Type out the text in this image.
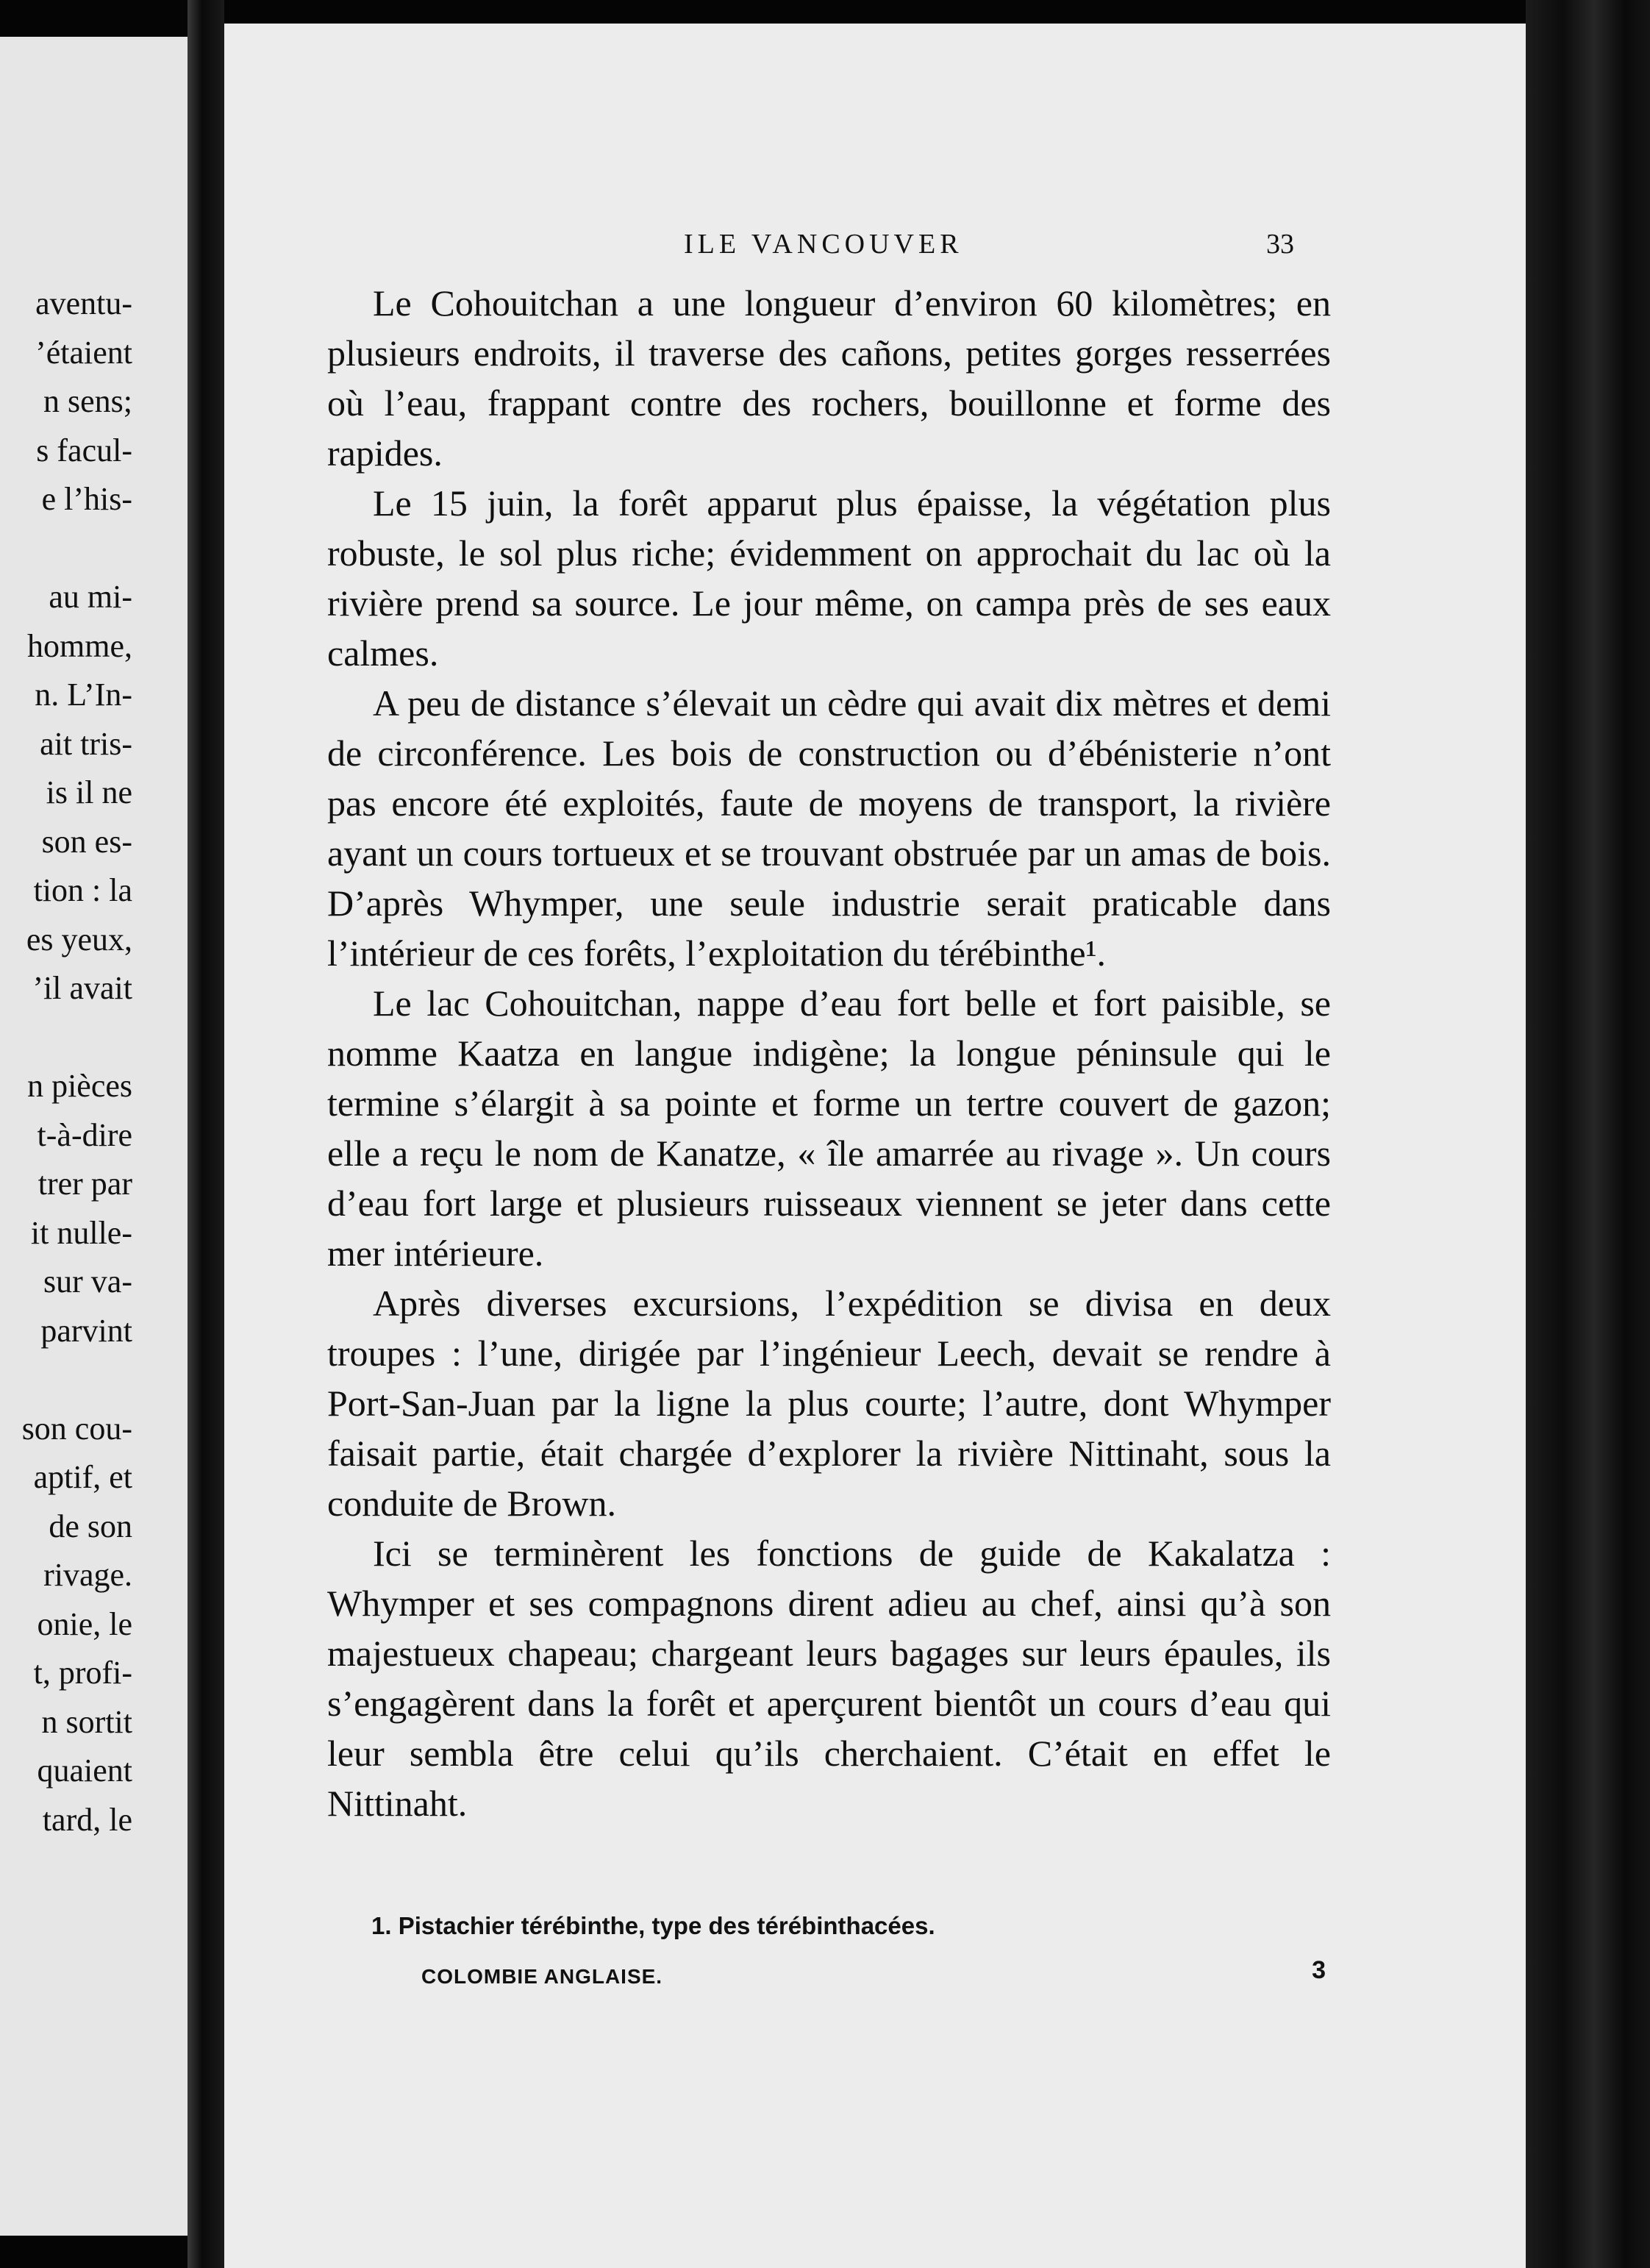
aventu-
’étaient
n sens;
s facul-
e l’his-
au mi-
homme,
n. L’In-
ait tris-
is il ne
son es-
tion : la
es yeux,
’il avait
n pièces
t-à-dire
trer par
it nulle-
sur va-
parvint
son cou-
aptif, et
de son
rivage.
onie, le
t, profi-
n sortit
quaient
tard, le
ILE VANCOUVER	33

Le Cohouitchan a une longueur d’environ 60 kilomètres; en plusieurs endroits, il traverse des cañons, petites gorges resserrées où l’eau, frappant contre des rochers, bouillonne et forme des rapides.

Le 15 juin, la forêt apparut plus épaisse, la végétation plus robuste, le sol plus riche; évidemment on approchait du lac où la rivière prend sa source. Le jour même, on campa près de ses eaux calmes.

A peu de distance s’élevait un cèdre qui avait dix mètres et demi de circonférence. Les bois de construction ou d’ébénisterie n’ont pas encore été exploités, faute de moyens de transport, la rivière ayant un cours tortueux et se trouvant obstruée par un amas de bois. D’après Whymper, une seule industrie serait praticable dans l’intérieur de ces forêts, l’exploitation du térébinthe¹.

Le lac Cohouitchan, nappe d’eau fort belle et fort paisible, se nomme Kaatza en langue indigène; la longue péninsule qui le termine s’élargit à sa pointe et forme un tertre couvert de gazon; elle a reçu le nom de Kanatze, « île amarrée au rivage ». Un cours d’eau fort large et plusieurs ruisseaux viennent se jeter dans cette mer intérieure.

Après diverses excursions, l’expédition se divisa en deux troupes : l’une, dirigée par l’ingénieur Leech, devait se rendre à Port-San-Juan par la ligne la plus courte; l’autre, dont Whymper faisait partie, était chargée d’explorer la rivière Nittinaht, sous la conduite de Brown.

Ici se terminèrent les fonctions de guide de Kakalatza : Whymper et ses compagnons dirent adieu au chef, ainsi qu’à son majestueux chapeau; chargeant leurs bagages sur leurs épaules, ils s’engagèrent dans la forêt et aperçurent bientôt un cours d’eau qui leur sembla être celui qu’ils cherchaient. C’était en effet le Nittinaht.

1. Pistachier térébinthe, type des térébinthacées.
COLOMBIE ANGLAISE.	3
